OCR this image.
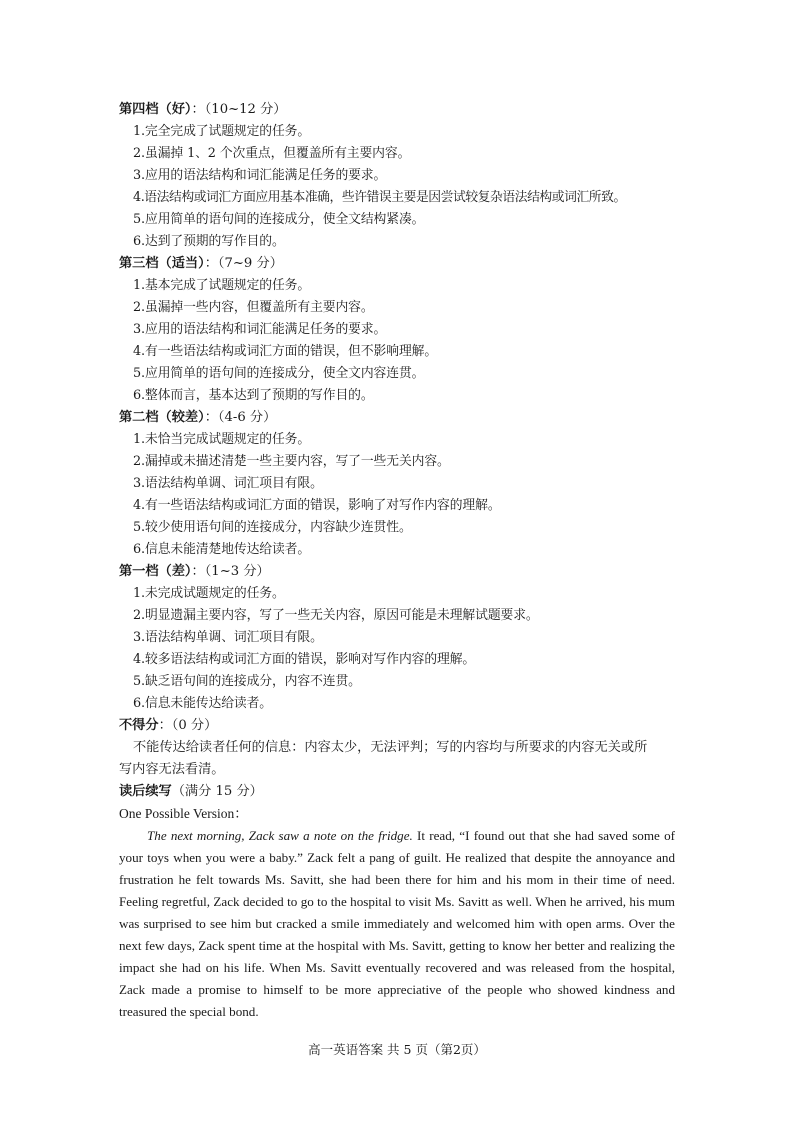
第四档（好）：（10~12 分）
1.完全完成了试题规定的任务。
2.虽漏掉 1、2 个次重点，但覆盖所有主要内容。
3.应用的语法结构和词汇能满足任务的要求。
4.语法结构或词汇方面应用基本准确，些许错误主要是因尝试较复杂语法结构或词汇所致。
5.应用简单的语句间的连接成分，使全文结构紧凑。
6.达到了预期的写作目的。
第三档（适当）：（7~9 分）
1.基本完成了试题规定的任务。
2.虽漏掉一些内容，但覆盖所有主要内容。
3.应用的语法结构和词汇能满足任务的要求。
4.有一些语法结构或词汇方面的错误，但不影响理解。
5.应用简单的语句间的连接成分，使全文内容连贯。
6.整体而言，基本达到了预期的写作目的。
第二档（较差）：（4-6 分）
1.未恰当完成试题规定的任务。
2.漏掉或未描述清楚一些主要内容，写了一些无关内容。
3.语法结构单调、词汇项目有限。
4.有一些语法结构或词汇方面的错误，影响了对写作内容的理解。
5.较少使用语句间的连接成分，内容缺少连贯性。
6.信息未能清楚地传达给读者。
第一档（差）：（1~3 分）
1.未完成试题规定的任务。
2.明显遗漏主要内容，写了一些无关内容，原因可能是未理解试题要求。
3.语法结构单调、词汇项目有限。
4.较多语法结构或词汇方面的错误，影响对写作内容的理解。
5.缺乏语句间的连接成分，内容不连贯。
6.信息未能传达给读者。
不得分：（0 分）
不能传达给读者任何的信息：内容太少，无法评判；写的内容均与所要求的内容无关或所
写内容无法看清。
读后续写（满分 15 分）
One Possible Version：
The next morning, Zack saw a note on the fridge. It read, “I found out that she had saved some of your toys when you were a baby.” Zack felt a pang of guilt. He realized that despite the annoyance and frustration he felt towards Ms. Savitt, she had been there for him and his mom in their time of need. Feeling regretful, Zack decided to go to the hospital to visit Ms. Savitt as well. When he arrived, his mum was surprised to see him but cracked a smile immediately and welcomed him with open arms. Over the next few days, Zack spent time at the hospital with Ms. Savitt, getting to know her better and realizing the impact she had on his life. When Ms. Savitt eventually recovered and was released from the hospital, Zack made a promise to himself to be more appreciative of the people who showed kindness and treasured the special bond.
高一英语答案 共 5 页（第2页）
